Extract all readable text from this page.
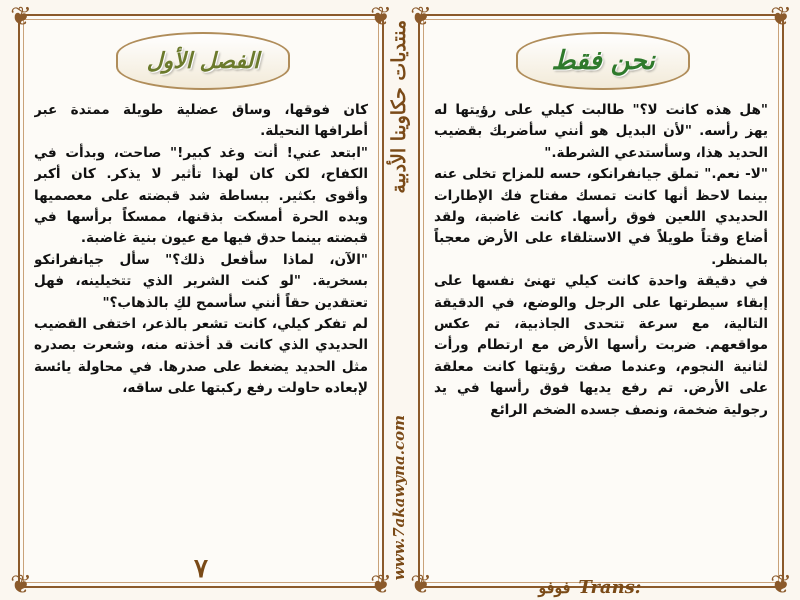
❦	❦
❦	❦
الفصل الأول

كان فوقها، وساق عضلية طويلة ممتدة عبر أطرافها النحيلة.

"ابتعد عني! أنت وغد كبير!" صاحت، وبدأت في الكفاح، لكن كان لهذا تأثير لا يذكر. كان أكبر وأقوى بكثير. ببساطة شد قبضته على معصميها ويده الحرة أمسكت بذقنها، ممسكاً برأسها في قبضته بينما حدق فيها مع عيون بنية غاضبة.

"الآن، لماذا سأفعل ذلك؟" سأل جيانفرانكو بسخرية. "لو كنت الشرير الذي تتخيلينه، فهل تعتقدين حقاً أنني سأسمح لكِ بالذهاب؟"

لم تفكر كيلي، كانت تشعر بالذعر، اختفى القضيب الحديدي الذي كانت قد أخذته منه، وشعرت بصدره مثل الحديد يضغط على صدرها. في محاولة يائسة لإبعاده حاولت رفع ركبتها على ساقه،

٧
منتديات حكاوينا الأدبية
www.7akawyna.com
❦	❦
❦	❦
نحن فقط

"هل هذه كانت لا؟" طالبت كيلي على رؤيتها له يهز رأسه. "لأن البديل هو أنني سأضربك بقضيب الحديد هذا، وسأستدعي الشرطة."

"لا- نعم." تملق جيانفرانكو، حسه للمزاح تخلى عنه بينما لاحظ أنها كانت تمسك مفتاح فك الإطارات الحديدي اللعين فوق رأسها. كانت غاضبة، ولقد أضاع وقتاً طويلاً في الاستلقاء على الأرض معجباً بالمنظر.

في دقيقة واحدة كانت كيلي تهنئ نفسها على إبقاء سيطرتها على الرجل والوضع، في الدقيقة التالية، مع سرعة تتحدى الجاذبية، تم عكس مواقعهم. ضربت رأسها الأرض مع ارتطام ورأت لثانية النجوم، وعندما صفت رؤيتها كانت معلقة على الأرض. تم رفع يديها فوق رأسها في يد رجولية ضخمة، ونصف جسده الضخم الرائع

فوفو Trans:
